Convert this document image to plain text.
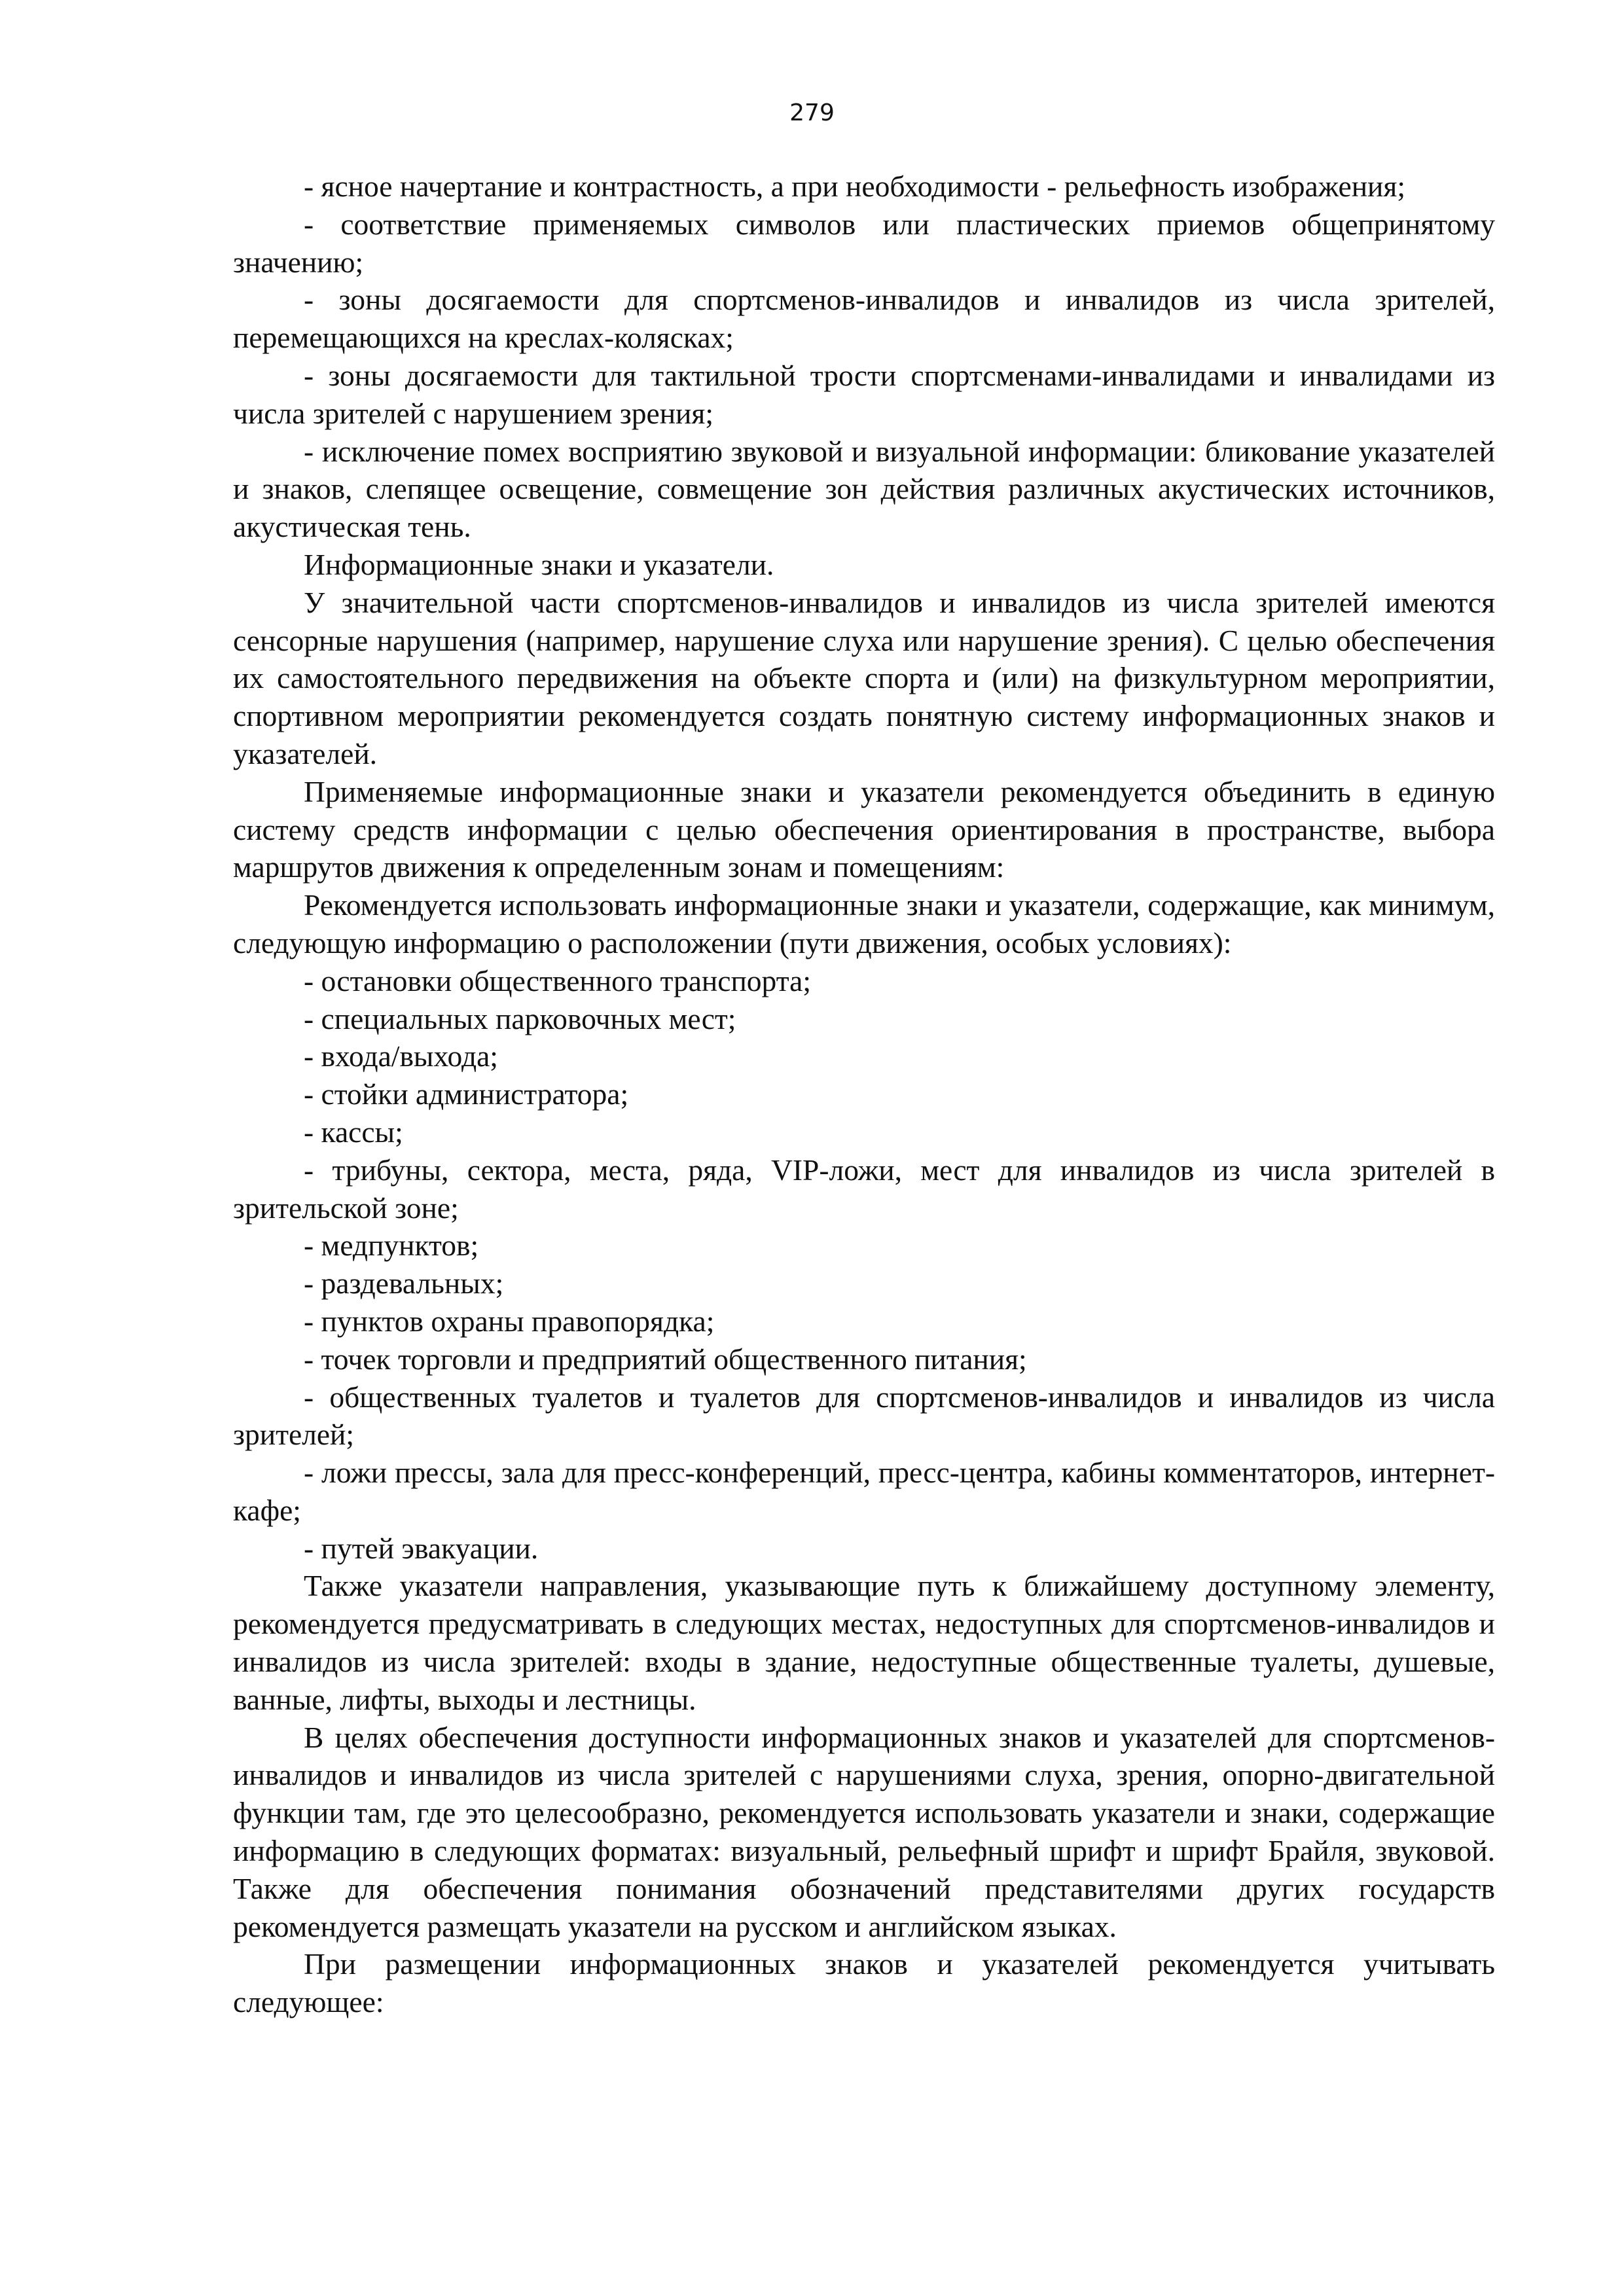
279

- ясное начертание и контрастность, а при необходимости - рельефность изображения;

- соответствие применяемых символов или пластических приемов общепринятому значению;

- зоны досягаемости для спортсменов-инвалидов и инвалидов из числа зрителей, перемещающихся на креслах-колясках;

- зоны досягаемости для тактильной трости спортсменами-инвалидами и инвалидами из числа зрителей с нарушением зрения;

- исключение помех восприятию звуковой и визуальной информации: бликование указателей и знаков, слепящее освещение, совмещение зон действия различных акустических источников, акустическая тень.

Информационные знаки и указатели.

У значительной части спортсменов-инвалидов и инвалидов из числа зрителей имеются сенсорные нарушения (например, нарушение слуха или нарушение зрения). С целью обеспечения их самостоятельного передвижения на объекте спорта и (или) на физкультурном мероприятии, спортивном мероприятии рекомендуется создать понятную систему информационных знаков и указателей.

Применяемые информационные знаки и указатели рекомендуется объединить в единую систему средств информации с целью обеспечения ориентирования в пространстве, выбора маршрутов движения к определенным зонам и помещениям:

Рекомендуется использовать информационные знаки и указатели, содержащие, как минимум, следующую информацию о расположении (пути движения, особых условиях):

- остановки общественного транспорта;

- специальных парковочных мест;

- входа/выхода;

- стойки администратора;

- кассы;

- трибуны, сектора, места, ряда, VIP-ложи, мест для инвалидов из числа зрителей в зрительской зоне;

- медпунктов;

- раздевальных;

- пунктов охраны правопорядка;

- точек торговли и предприятий общественного питания;

- общественных туалетов и туалетов для спортсменов-инвалидов и инвалидов из числа зрителей;

- ложи прессы, зала для пресс-конференций, пресс-центра, кабины комментаторов, интернет-кафе;

- путей эвакуации.

Также указатели направления, указывающие путь к ближайшему доступному элементу, рекомендуется предусматривать в следующих местах, недоступных для спортсменов-инвалидов и инвалидов из числа зрителей: входы в здание, недоступные общественные туалеты, душевые, ванные, лифты, выходы и лестницы.

В целях обеспечения доступности информационных знаков и указателей для спортсменов-инвалидов и инвалидов из числа зрителей с нарушениями слуха, зрения, опорно-двигательной функции там, где это целесообразно, рекомендуется использовать указатели и знаки, содержащие информацию в следующих форматах: визуальный, рельефный шрифт и шрифт Брайля, звуковой. Также для обеспечения понимания обозначений представителями других государств рекомендуется размещать указатели на русском и английском языках.

При размещении информационных знаков и указателей рекомендуется учитывать следующее:
